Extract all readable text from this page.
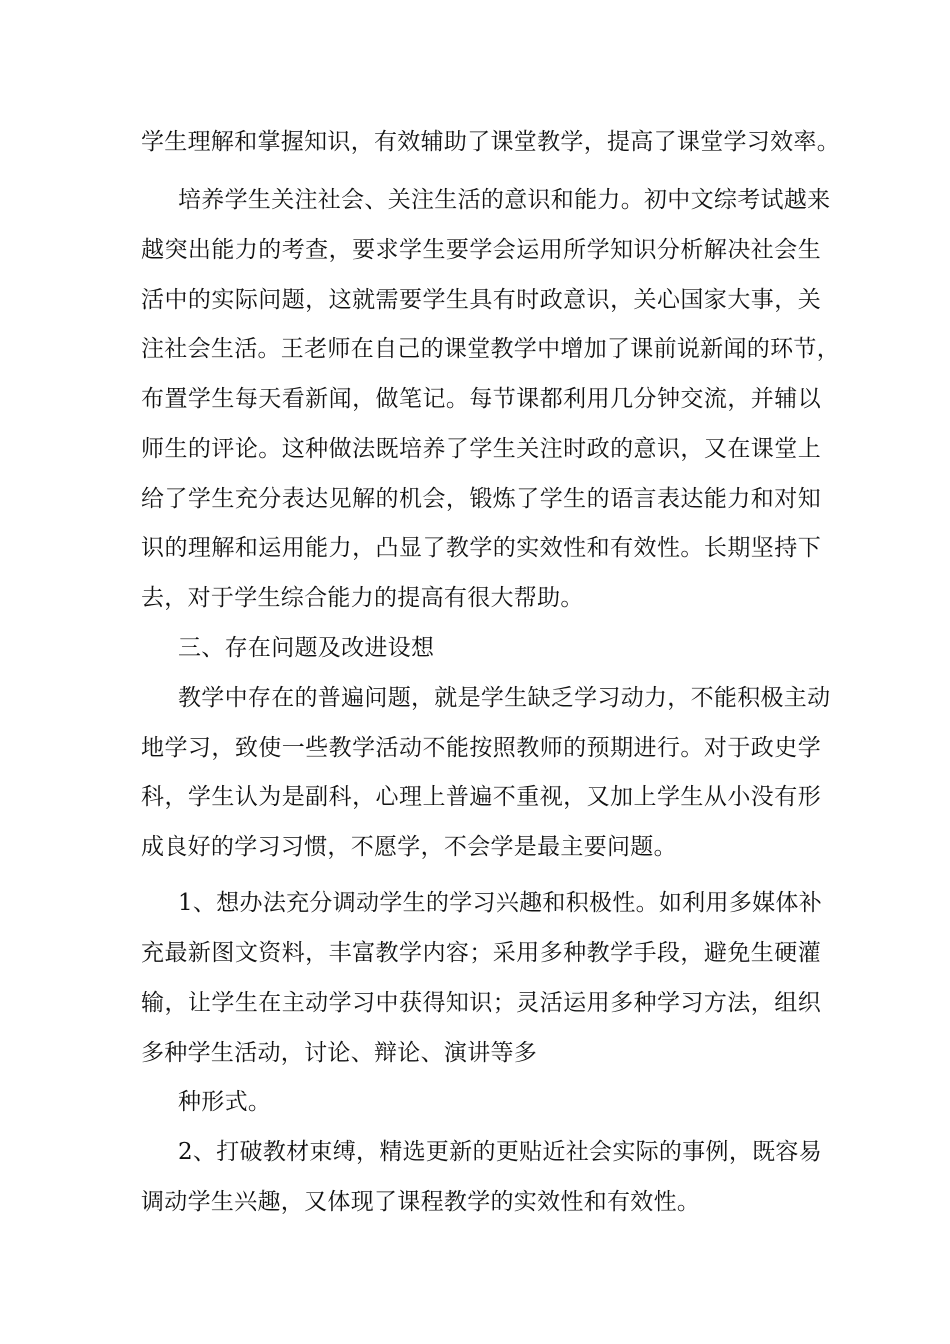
学生理解和掌握知识，有效辅助了课堂教学，提高了课堂学习效率。
培养学生关注社会、关注生活的意识和能力。初中文综考试越来
越突出能力的考查，要求学生要学会运用所学知识分析解决社会生
活中的实际问题，这就需要学生具有时政意识，关心国家大事，关
注社会生活。王老师在自己的课堂教学中增加了课前说新闻的环节，
布置学生每天看新闻，做笔记。每节课都利用几分钟交流，并辅以
师生的评论。这种做法既培养了学生关注时政的意识，又在课堂上
给了学生充分表达见解的机会，锻炼了学生的语言表达能力和对知
识的理解和运用能力，凸显了教学的实效性和有效性。长期坚持下
去，对于学生综合能力的提高有很大帮助。
三、存在问题及改进设想
教学中存在的普遍问题，就是学生缺乏学习动力，不能积极主动
地学习，致使一些教学活动不能按照教师的预期进行。对于政史学
科，学生认为是副科，心理上普遍不重视，又加上学生从小没有形
成良好的学习习惯，不愿学，不会学是最主要问题。
1、想办法充分调动学生的学习兴趣和积极性。如利用多媒体补
充最新图文资料，丰富教学内容；采用多种教学手段，避免生硬灌
输，让学生在主动学习中获得知识；灵活运用多种学习方法，组织
多种学生活动，讨论、辩论、演讲等多
种形式。
2、打破教材束缚，精选更新的更贴近社会实际的事例，既容易
调动学生兴趣，又体现了课程教学的实效性和有效性。
